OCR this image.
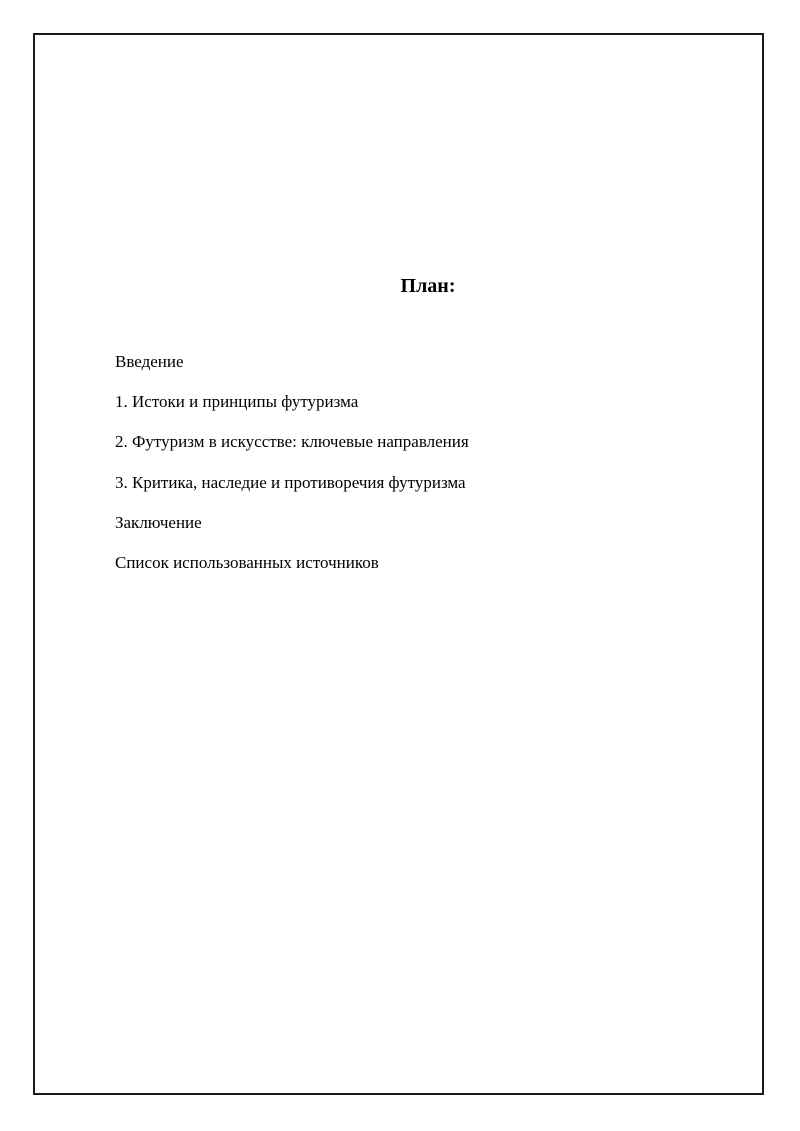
План:
Введение
1. Истоки и принципы футуризма
2. Футуризм в искусстве: ключевые направления
3. Критика, наследие и противоречия футуризма
Заключение
Список использованных источников
